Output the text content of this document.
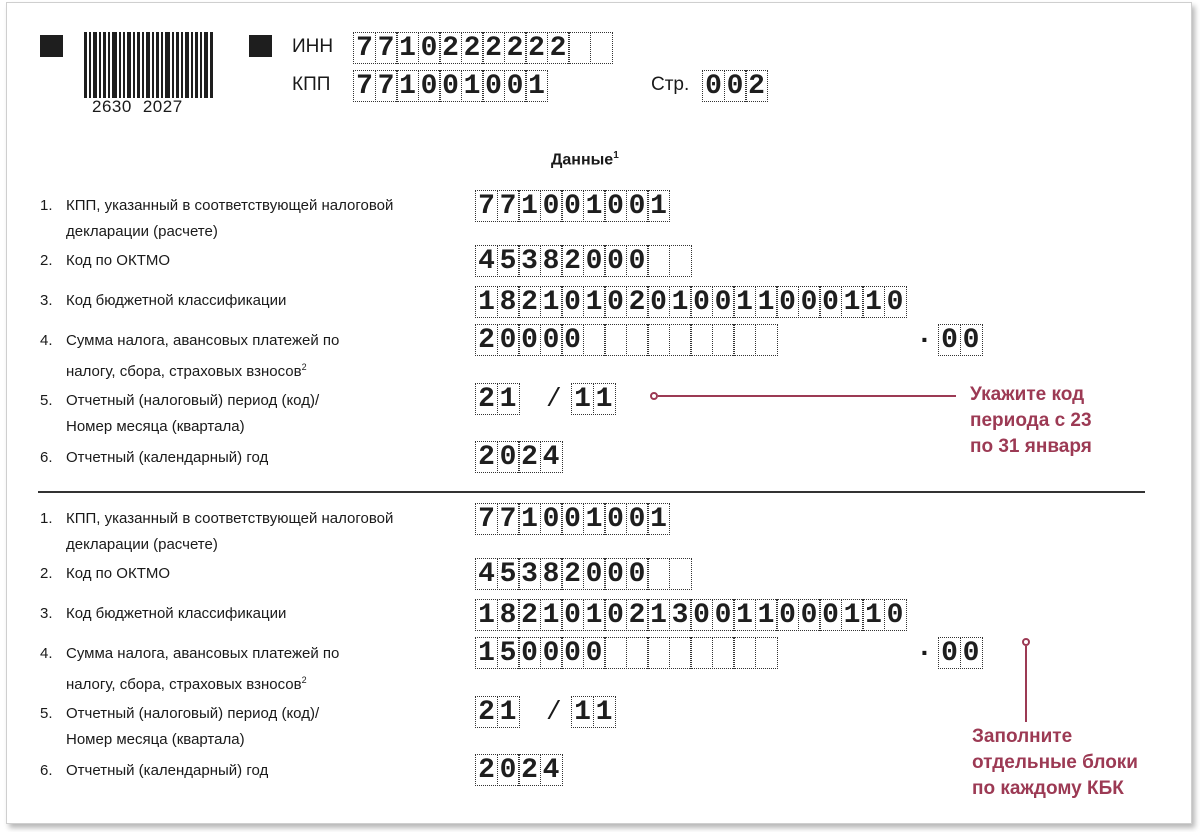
2630 2027
ИНН 7 7 1 0 2 2 2 2 2 2
КПП 7 7 1 0 0 1 0 0 1	Стр. 0 0 2
Данные$^1$
1. КПП, указанный в соответствующей налоговой
декларации (расчете)
7 7 1 0 0 1 0 0 1
2. Код по ОКТМО	4 5 3 8 2 0 0 0
3. Код бюджетной классификации	1 8 2 1 0 1 0 2 0 1 0 0 1 1 0 0 0 1 1 0
4. Сумма налога, авансовых платежей по
налогу, сбора, страховых взносов$^2$
2 0 0 0 0	. 0 0
5. Отчетный (налоговый) период (код)/
Номер месяца (квартала)
2 1 / 1 1
6. Отчетный (календарный) год	2 0 2 4
1. КПП, указанный в соответствующей налоговой
декларации (расчете)
7 7 1 0 0 1 0 0 1
2. Код по ОКТМО	4 5 3 8 2 0 0 0
3. Код бюджетной классификации	1 8 2 1 0 1 0 2 1 3 0 0 1 1 0 0 0 1 1 0
4. Сумма налога, авансовых платежей по
налогу, сбора, страховых взносов$^2$
1 5 0 0 0 0	. 0 0
5. Отчетный (налоговый) период (код)/
Номер месяца (квартала)
2 1 / 1 1
6. Отчетный (календарный) год	2 0 2 4
Укажите код
периода с 23
по 31 января
Заполните
отдельные блоки
по каждому КБК
